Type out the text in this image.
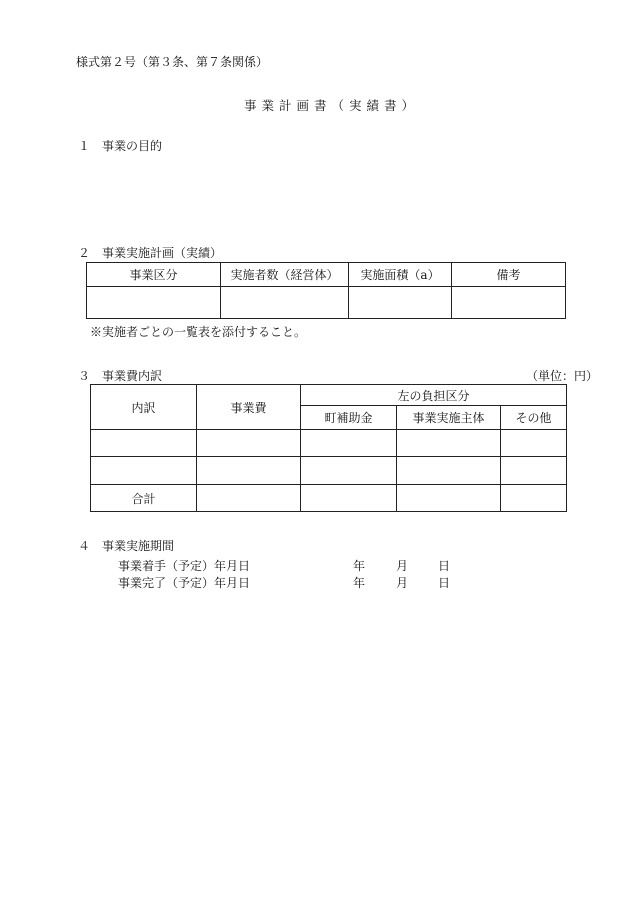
様式第２号（第３条、第７条関係）
事業計画書（実績書）
１　事業の目的
２　事業実施計画（実績）
事業区分	実施者数（経営体）	実施面積（a）	備考

※実施者ごとの一覧表を添付すること。
３　事業費内訳	（単位：円）
内訳	事業費	左の負担区分		
		町補助金	事業実施主体	その他

合計				
４　事業実施期間
事業着手（予定）年月日	年	月 日
事業完了（予定）年月日	年	月 日
